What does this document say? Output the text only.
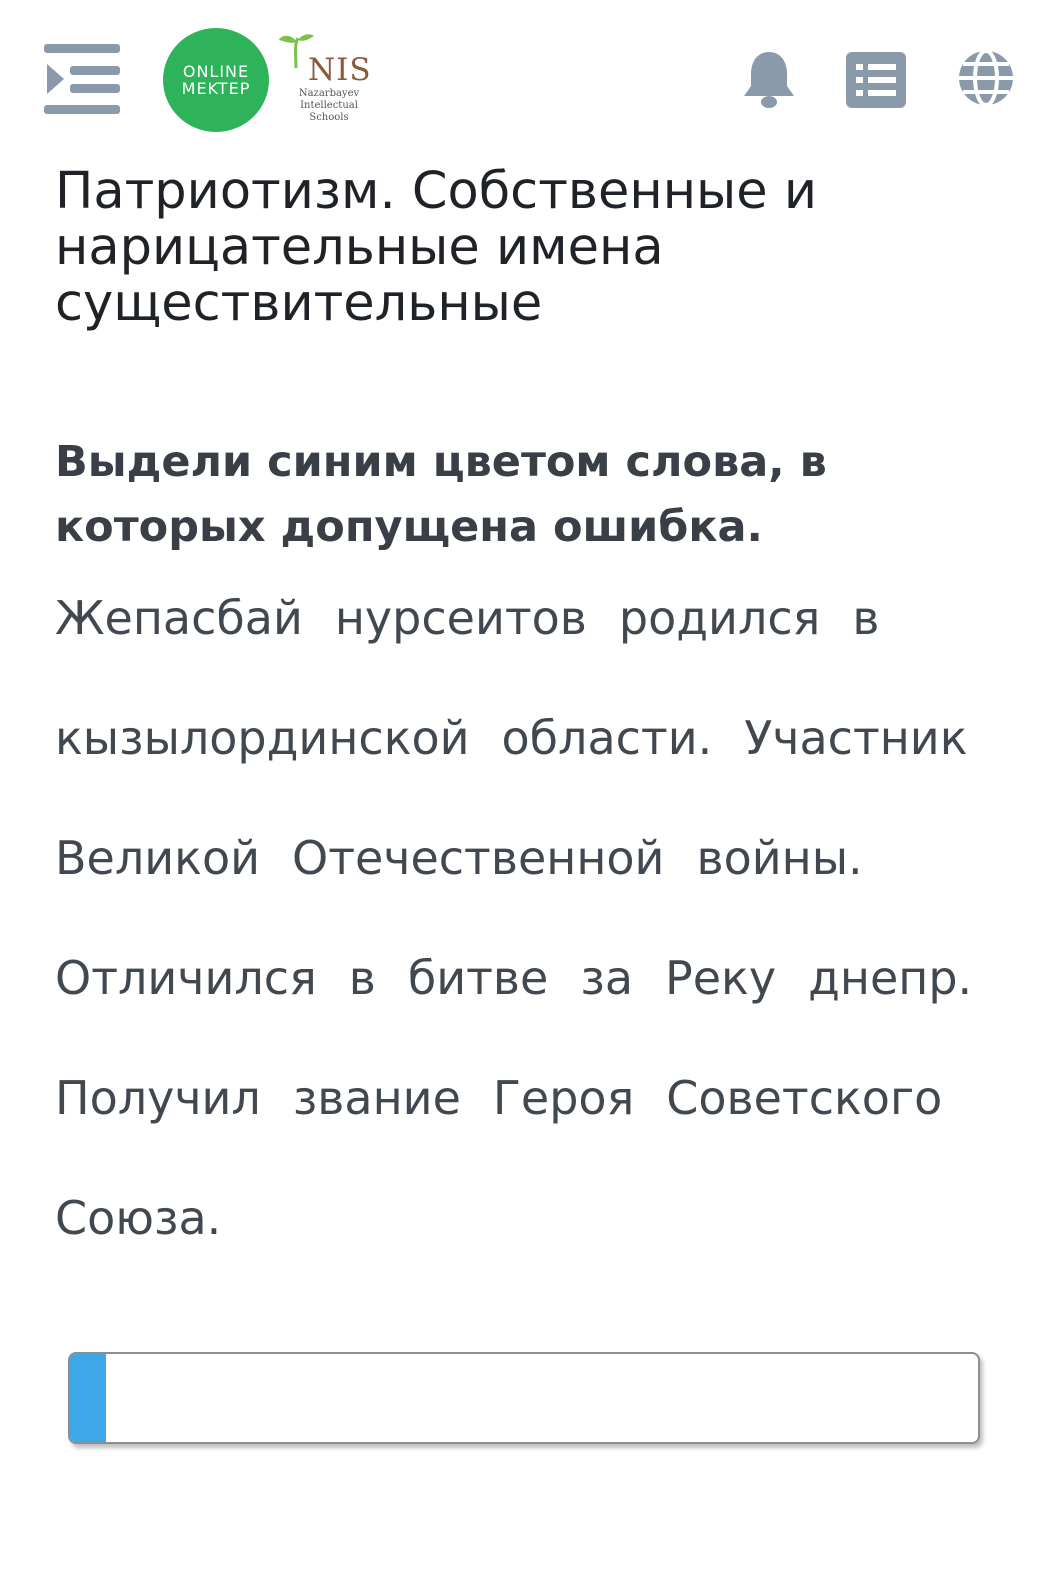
ONLINE
MEKTEP
NIS
Nazarbayev Intellectual Schools
Патриотизм. Собственные и нарицательные имена существительные
Выдели синим цветом слова, в которых допущена ошибка.
Жепасбай нурсеитов родился в
кызылординской области. Участник
Великой Отечественной войны.
Отличился в битве за Реку днепр.
Получил звание Героя Советского
Союза.
